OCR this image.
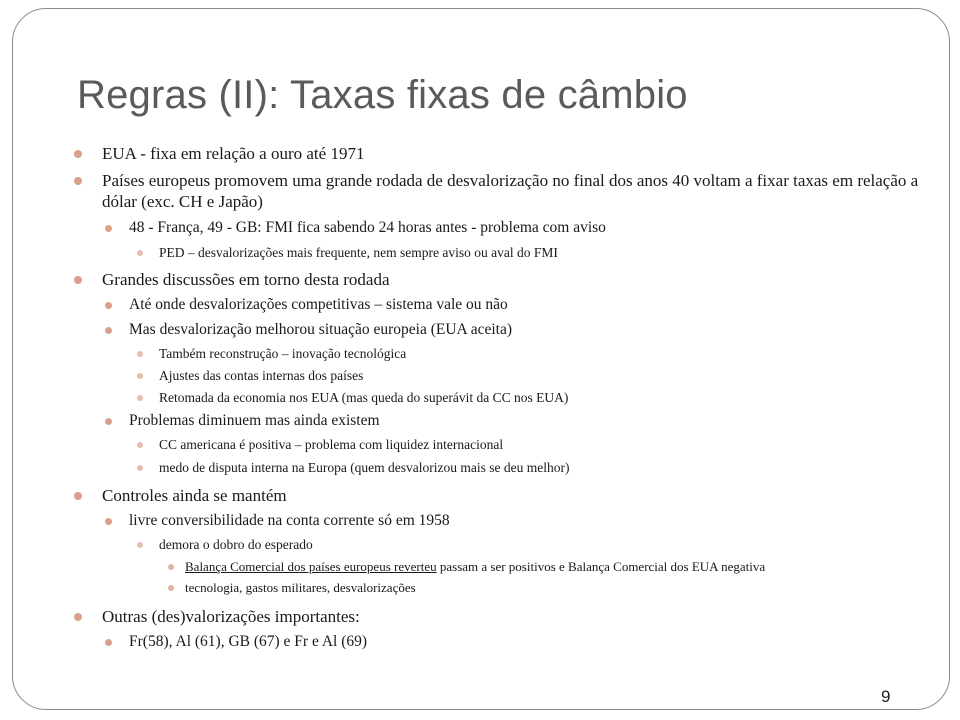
Regras (II): Taxas fixas de câmbio
EUA - fixa em relação a ouro até 1971
Países europeus promovem uma grande rodada de desvalorização no final dos anos 40 voltam a fixar taxas em relação a dólar (exc. CH e Japão)
48 - França, 49 - GB: FMI fica sabendo 24 horas antes - problema com aviso
PED – desvalorizações mais frequente, nem sempre aviso ou aval do FMI
Grandes discussões em torno desta rodada
Até onde desvalorizações competitivas – sistema vale ou não
Mas desvalorização melhorou situação europeia (EUA aceita)
Também reconstrução – inovação tecnológica
Ajustes das contas internas dos países
Retomada da economia nos EUA (mas queda do superávit da CC nos EUA)
Problemas diminuem mas ainda existem
CC americana é positiva – problema com liquidez internacional
medo de disputa interna na Europa (quem desvalorizou mais se deu melhor)
Controles ainda se mantém
livre conversibilidade na conta corrente só em 1958
demora o dobro do esperado
Balança Comercial dos países europeus reverteu passam a ser positivos e Balança Comercial dos EUA negativa
tecnologia, gastos militares, desvalorizações
Outras (des)valorizações importantes:
Fr(58), Al (61), GB (67) e Fr e Al (69)
9
